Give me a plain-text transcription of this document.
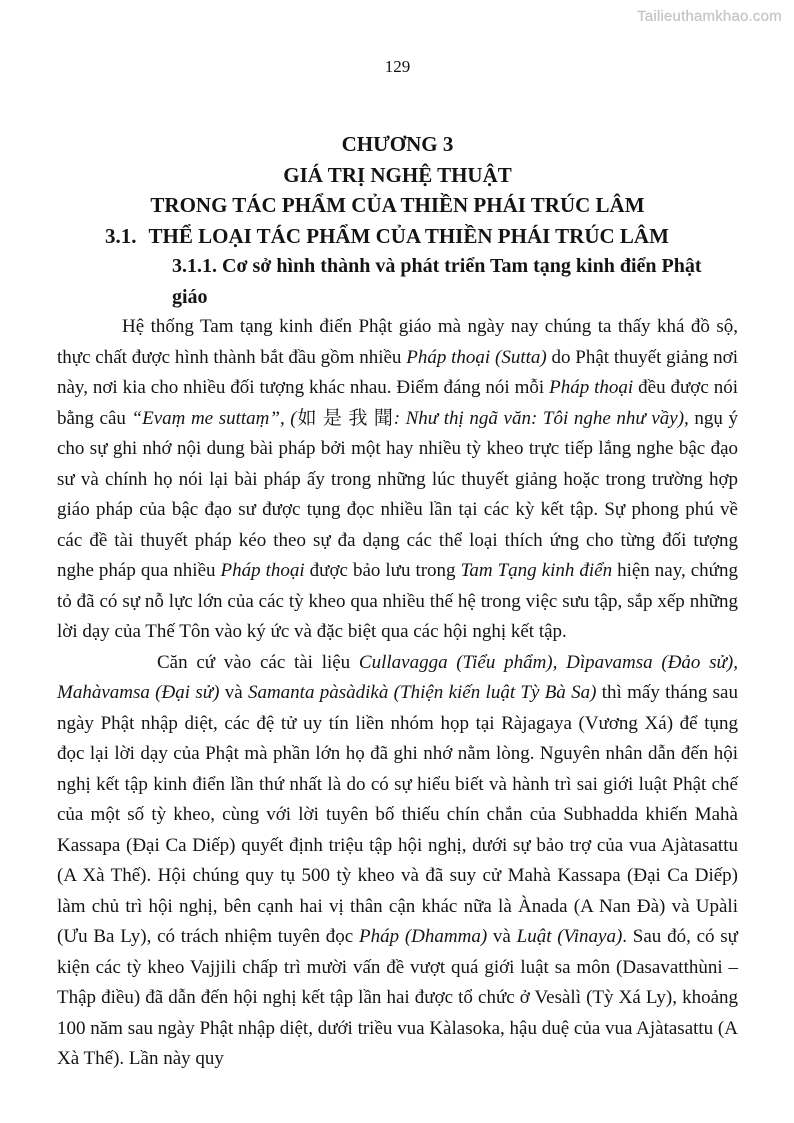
Tailieuthamkhao.com
129
CHƯƠNG 3
GIÁ TRỊ NGHỆ THUẬT
TRONG TÁC PHẨM CỦA THIỀN PHÁI TRÚC LÂM
3.1. THỂ LOẠI TÁC PHẨM CỦA THIỀN PHÁI TRÚC LÂM
3.1.1. Cơ sở hình thành và phát triển Tam tạng kinh điển Phật giáo

Hệ thống Tam tạng kinh điển Phật giáo mà ngày nay chúng ta thấy khá đồ sộ, thực chất được hình thành bắt đầu gồm nhiều Pháp thoại (Sutta) do Phật thuyết giảng nơi này, nơi kia cho nhiều đối tượng khác nhau. Điểm đáng nói mỗi Pháp thoại đều được nói bằng câu “Evaṃ me suttaṃ”, (如 是 我 聞: Như thị ngã văn: Tôi nghe như vầy), ngụ ý cho sự ghi nhớ nội dung bài pháp bởi một hay nhiều tỳ kheo trực tiếp lắng nghe bậc đạo sư và chính họ nói lại bài pháp ấy trong những lúc thuyết giảng hoặc trong trường hợp giáo pháp của bậc đạo sư được tụng đọc nhiều lần tại các kỳ kết tập. Sự phong phú về các đề tài thuyết pháp kéo theo sự đa dạng các thể loại thích ứng cho từng đối tượng nghe pháp qua nhiều Pháp thoại được bảo lưu trong Tam Tạng kinh điển hiện nay, chứng tỏ đã có sự nỗ lực lớn của các tỳ kheo qua nhiều thế hệ trong việc sưu tập, sắp xếp những lời dạy của Thế Tôn vào ký ức và đặc biệt qua các hội nghị kết tập.

Căn cứ vào các tài liệu Cullavagga (Tiểu phẩm), Dìpavamsa (Đảo sử), Mahàvamsa (Đại sử) và Samanta pàsàdikà (Thiện kiến luật Tỳ Bà Sa) thì mấy tháng sau ngày Phật nhập diệt, các đệ tử uy tín liền nhóm họp tại Ràjagaya (Vương Xá) để tụng đọc lại lời dạy của Phật mà phần lớn họ đã ghi nhớ nằm lòng. Nguyên nhân dẫn đến hội nghị kết tập kinh điển lần thứ nhất là do có sự hiểu biết và hành trì sai giới luật Phật chế của một số tỳ kheo, cùng với lời tuyên bố thiếu chín chắn của Subhadda khiến Mahà Kassapa (Đại Ca Diếp) quyết định triệu tập hội nghị, dưới sự bảo trợ của vua Ajàtasattu (A Xà Thế). Hội chúng quy tụ 500 tỳ kheo và đã suy cử Mahà Kassapa (Đại Ca Diếp) làm chủ trì hội nghị, bên cạnh hai vị thân cận khác nữa là Ànada (A Nan Đà) và Upàli (Ưu Ba Ly), có trách nhiệm tuyên đọc Pháp (Dhamma) và Luật (Vinaya). Sau đó, có sự kiện các tỳ kheo Vajjili chấp trì mười vấn đề vượt quá giới luật sa môn (Dasavatthùni – Thập điều) đã dẫn đến hội nghị kết tập lần hai được tổ chức ở Vesàlì (Tỳ Xá Ly), khoảng 100 năm sau ngày Phật nhập diệt, dưới triều vua Kàlasoka, hậu duệ của vua Ajàtasattu (A Xà Thế). Lần này quy
